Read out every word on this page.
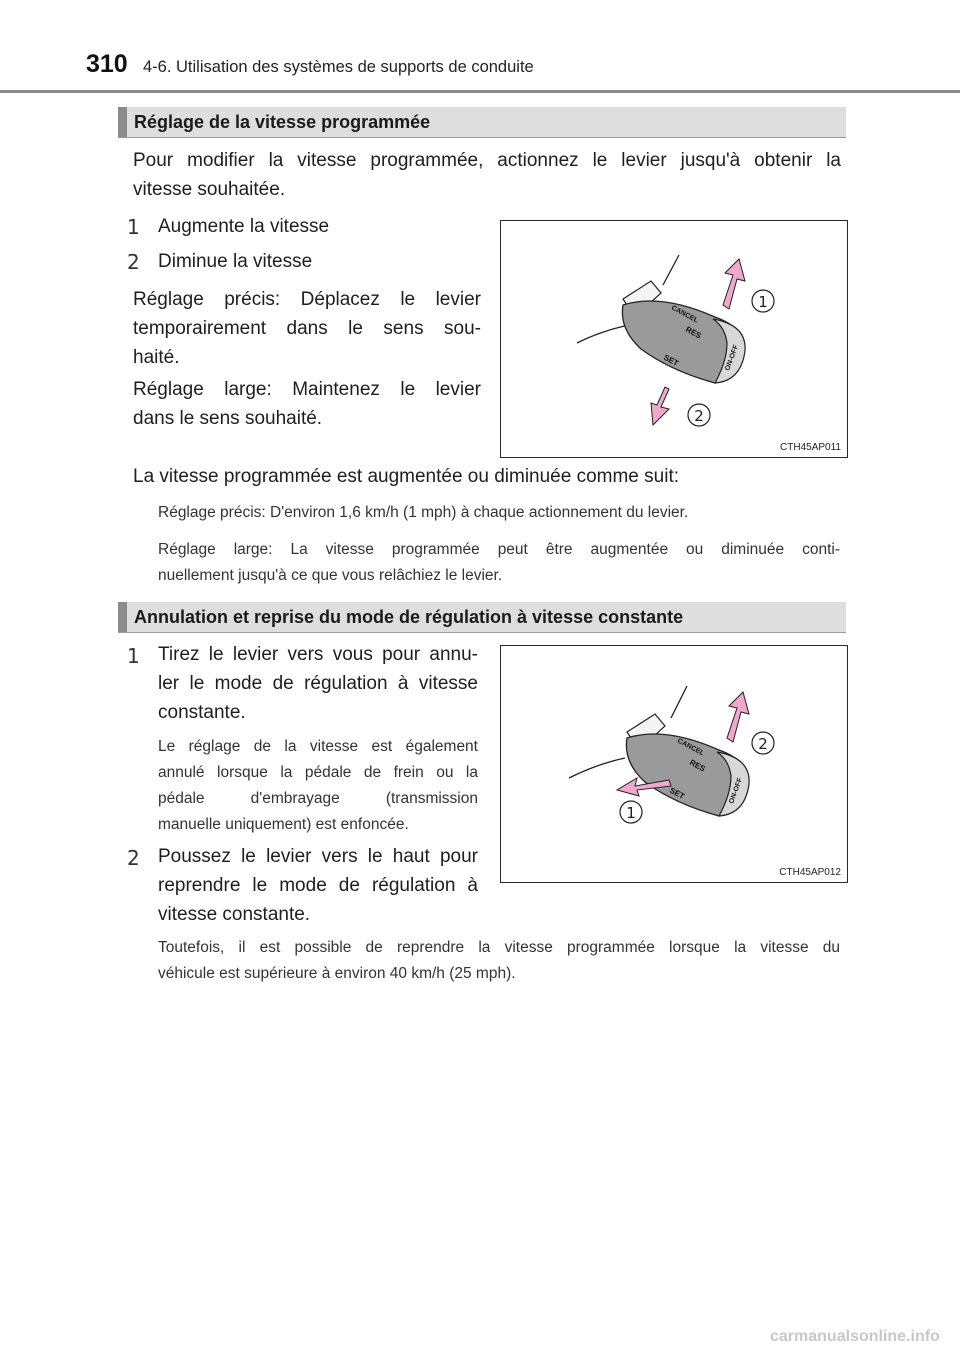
310 4-6. Utilisation des systèmes de supports de conduite
Réglage de la vitesse programmée
Pour modifier la vitesse programmée, actionnez le levier jusqu'à obtenir la
vitesse souhaitée.
1 Augmente la vitesse
2 Diminue la vitesse
Réglage précis: Déplacez le levier
temporairement dans le sens sou-
haité.
Réglage large: Maintenez le levier
dans le sens souhaité.
CANCEL
RES
SET	ON-OFF
1
2
CTH45AP011
La vitesse programmée est augmentée ou diminuée comme suit:
Réglage précis: D'environ 1,6 km/h (1 mph) à chaque actionnement du levier.
Réglage large: La vitesse programmée peut être augmentée ou diminuée conti-
nuellement jusqu'à ce que vous relâchiez le levier.
Annulation et reprise du mode de régulation à vitesse constante
1 Tirez le levier vers vous pour annu-
ler le mode de régulation à vitesse
constante.
Le réglage de la vitesse est également
annulé lorsque la pédale de frein ou la
pédale d'embrayage (transmission
manuelle uniquement) est enfoncée.
2 Poussez le levier vers le haut pour
reprendre le mode de régulation à
vitesse constante.
CANCEL
RES
SET	ON-OFF
2
1
CTH45AP012
Toutefois, il est possible de reprendre la vitesse programmée lorsque la vitesse du
véhicule est supérieure à environ 40 km/h (25 mph).
carmanualsonline.info
